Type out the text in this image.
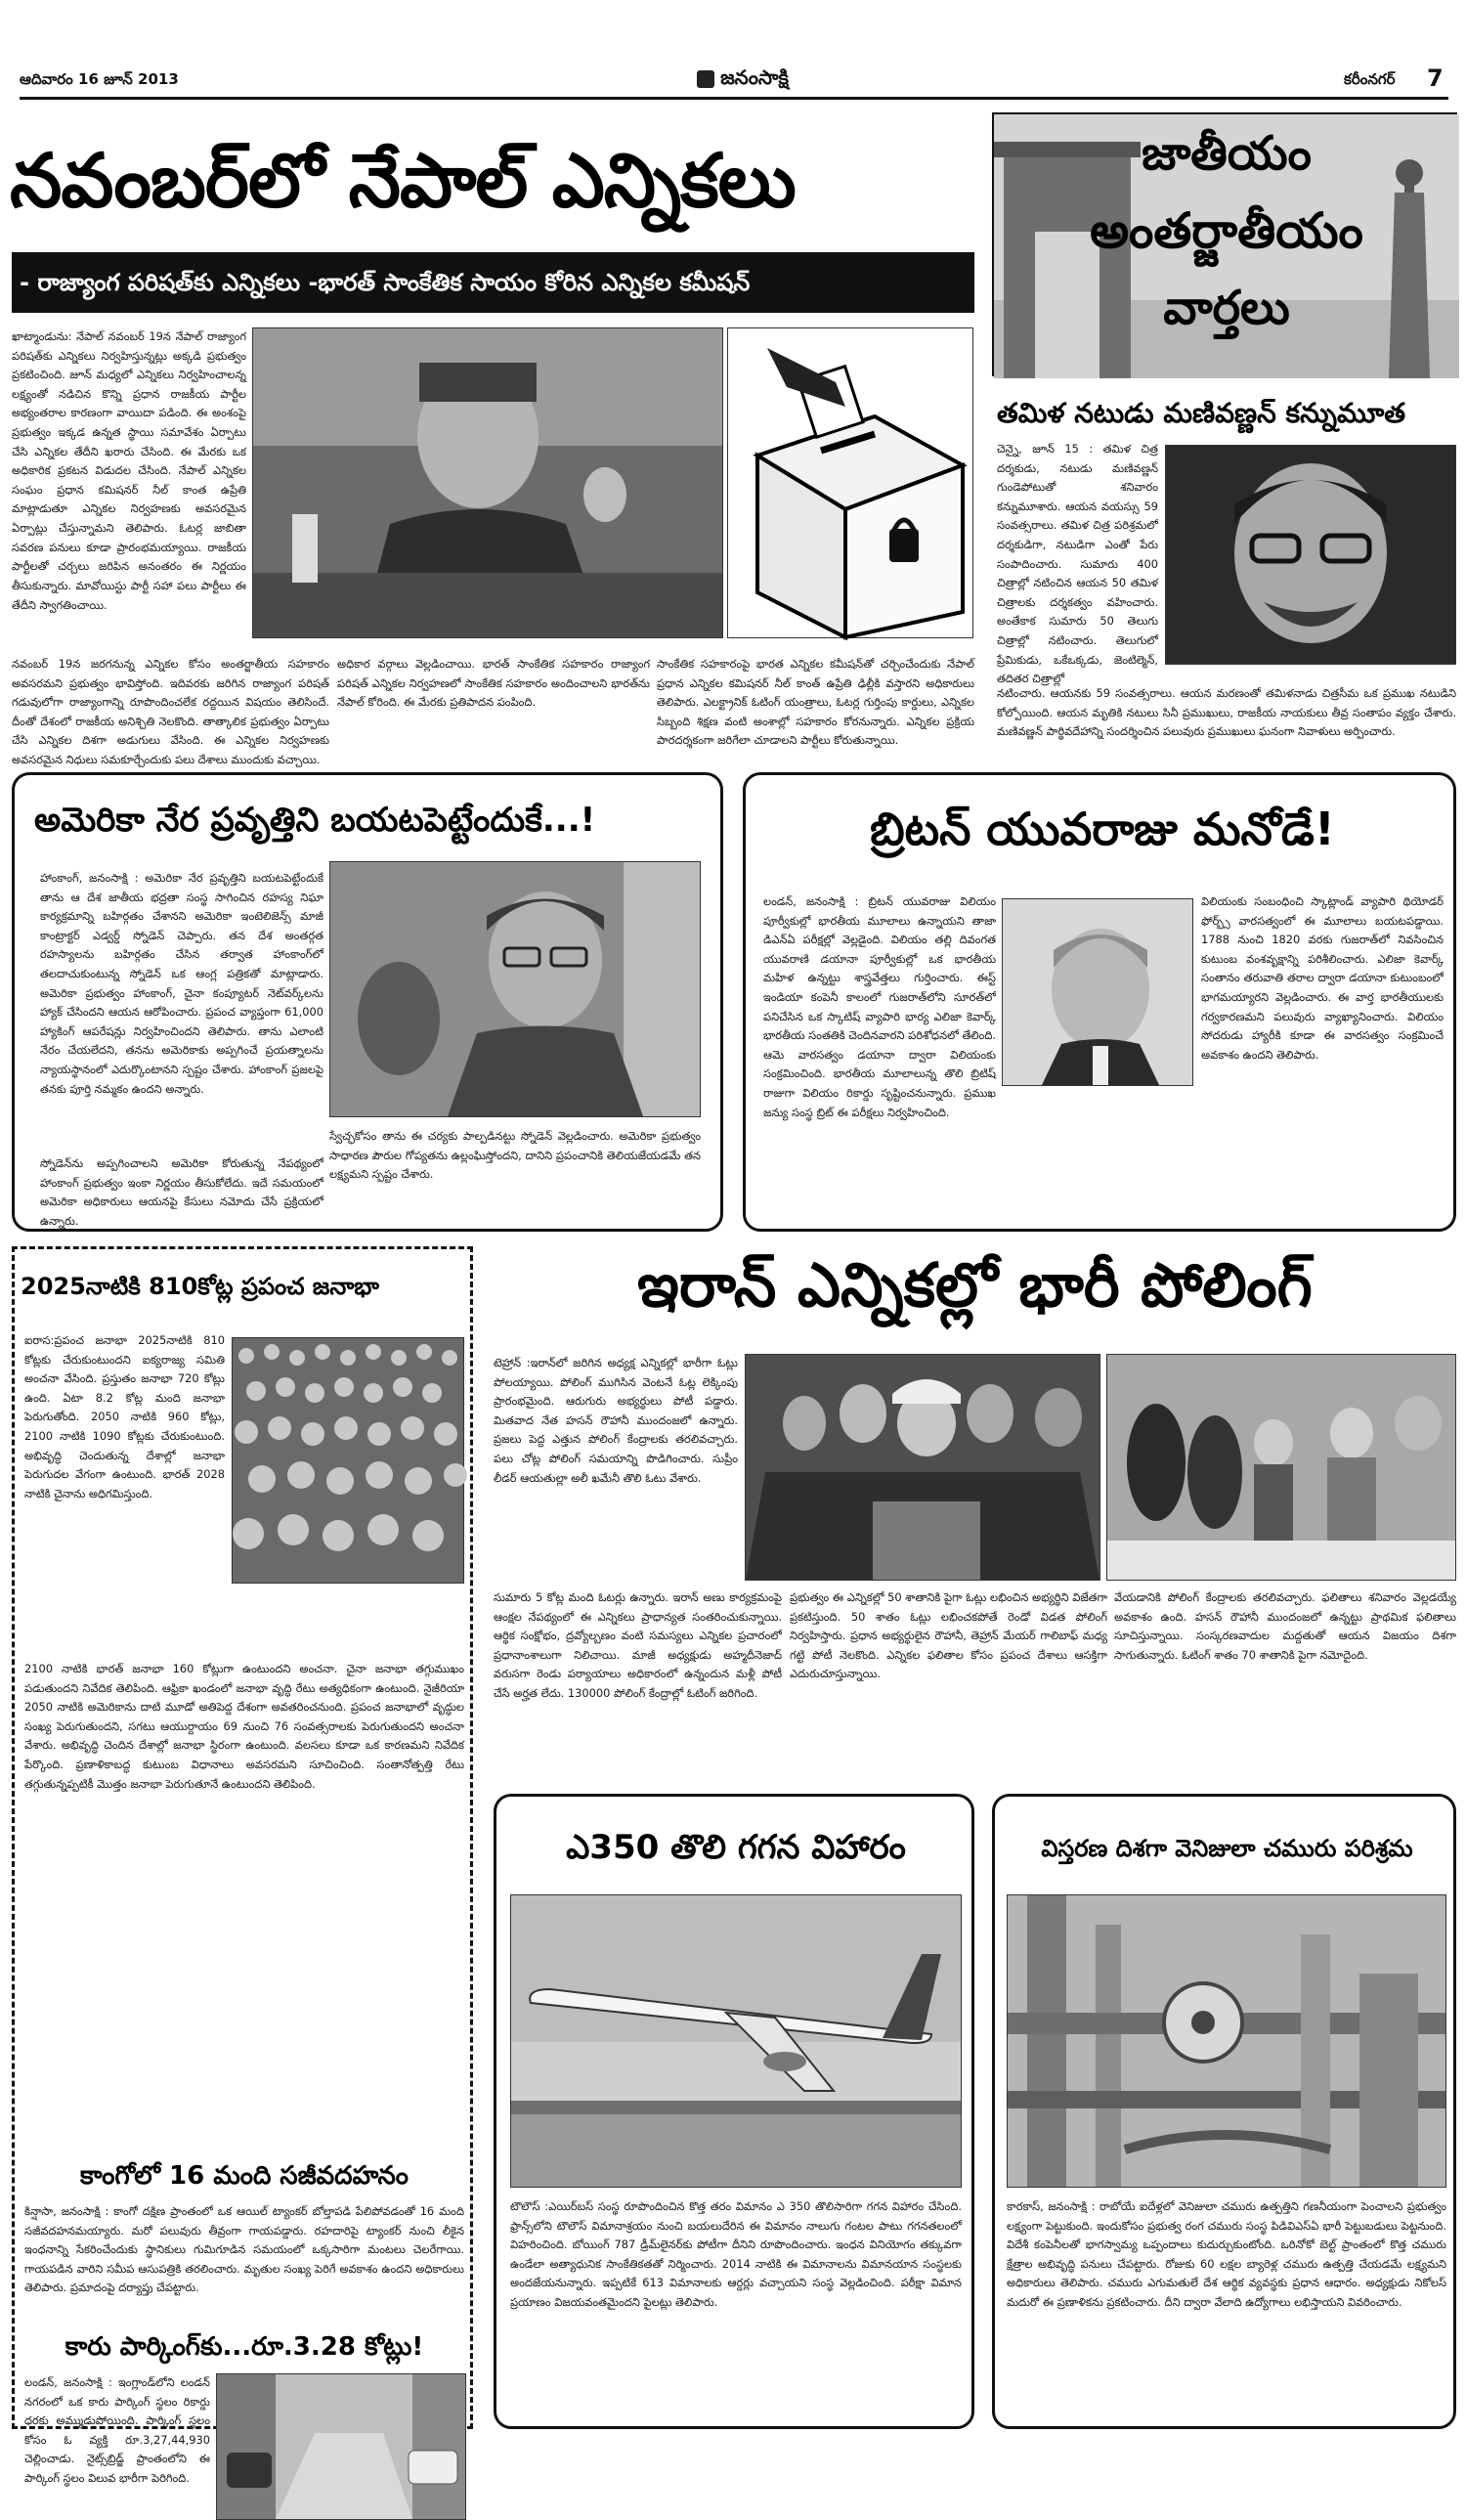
ఆదివారం 16 జూన్ 2013	జనంసాక్షి	కరీంనగర్ 7
నవంబర్‌లో నేపాల్ ఎన్నికలు
- రాజ్యాంగ పరిషత్‌కు ఎన్నికలు -భారత్ సాంకేతిక సాయం కోరిన ఎన్నికల కమీషన్
ఖాట్మాండు‌ను: నేపాల్ నవంబర్ 19న నేపాల్ రాజ్యాంగ పరిషత్‌కు ఎన్నికలు నిర్వహిస్తున్నట్లు అక్కడి ప్రభుత్వం ప్రకటించింది. జూన్ మధ్యలో ఎన్నికలు నిర్వహించాలన్న లక్ష్యంతో నడిచిన కొన్ని ప్రధాన రాజకీయ పార్టీల అభ్యంతరాల కారణంగా వాయిదా పడింది. ఈ అంశంపై ప్రభుత్వం ఇక్కడ ఉన్నత స్థాయి సమావేశం ఏర్పాటు చేసి ఎన్నికల తేదీని ఖరారు చేసింది. ఈ మేరకు ఒక అధికారిక ప్రకటన విడుదల చేసింది. నేపాల్ ఎన్నికల సంఘం ప్రధాన కమిషనర్ నీల్ కాంత ఉప్రేతి మాట్లాడుతూ ఎన్నికల నిర్వహణకు అవసరమైన ఏర్పాట్లు చేస్తున్నామని తెలిపారు. ఓటర్ల జాబితా సవరణ పనులు కూడా ప్రారంభమయ్యాయి. రాజకీయ పార్టీలతో చర్చలు జరిపిన అనంతరం ఈ నిర్ణయం తీసుకున్నారు. మావోయిస్టు పార్టీ సహా పలు పార్టీలు ఈ తేదీని స్వాగతించాయి.
నవంబర్ 19న జరగనున్న ఎన్నికల కోసం అంతర్జాతీయ సహకారం అవసరమని ప్రభుత్వం భావిస్తోంది. ఇదివరకు జరిగిన రాజ్యాంగ పరిషత్ గడువులోగా రాజ్యాంగాన్ని రూపొందించలేక రద్దయిన విషయం తెలిసిందే. దీంతో దేశంలో రాజకీయ అనిశ్చితి నెలకొంది. తాత్కాలిక ప్రభుత్వం ఏర్పాటు చేసి ఎన్నికల దిశగా అడుగులు వేసింది. ఈ ఎన్నికల నిర్వహణకు అవసరమైన నిధులు సమకూర్చేందుకు పలు దేశాలు ముందుకు వచ్చాయి.
అధికార వర్గాలు వెల్లడించాయి. భారత్ సాంకేతిక సహకారం రాజ్యాంగ పరిషత్ ఎన్నికల నిర్వహణలో సాంకేతిక సహకారం అందించాలని భారత్‌ను నేపాల్ కోరింది. ఈ మేరకు ప్రతిపాదన పంపింది.
సాంకేతిక సహకారంపై భారత ఎన్నికల కమీషన్‌తో చర్చించేందుకు నేపాల్ ప్రధాన ఎన్నికల కమిషనర్ నీల్ కాంత్ ఉప్రేతి ఢిల్లీకి వస్తారని అధికారులు తెలిపారు. ఎలక్ట్రానిక్ ఓటింగ్ యంత్రాలు, ఓటర్ల గుర్తింపు కార్డులు, ఎన్నికల సిబ్బంది శిక్షణ వంటి అంశాల్లో సహకారం కోరనున్నారు. ఎన్నికల ప్రక్రియ పారదర్శకంగా జరిగేలా చూడాలని పార్టీలు కోరుతున్నాయి.
జాతీయం
అంతర్జాతీయం
వార్తలు
తమిళ నటుడు మణివణ్ణన్ కన్నుమూత
చెన్నై, జూన్ 15 : తమిళ చిత్ర దర్శకుడు, నటుడు మణివణ్ణన్ గుండెపోటుతో శనివారం కన్నుమూశారు. ఆయన వయస్సు 59 సంవత్సరాలు. తమిళ చిత్ర పరిశ్రమలో దర్శకుడిగా, నటుడిగా ఎంతో పేరు సంపాదించారు. సుమారు 400 చిత్రాల్లో నటించిన ఆయన 50 తమిళ చిత్రాలకు దర్శకత్వం వహించారు. అంతేకాక సుమారు 50 తెలుగు చిత్రాల్లో నటించారు. తెలుగులో ప్రేమికుడు, ఒకేఒక్కడు, జెంటిల్మెన్, తదితర చిత్రాల్లో
నటించారు. ఆయనకు 59 సంవత్సరాలు. ఆయన మరణంతో తమిళనాడు చిత్రసీమ ఒక ప్రముఖ నటుడిని కోల్పోయింది. ఆయన మృతికి నటులు సినీ ప్రముఖులు, రాజకీయ నాయకులు తీవ్ర సంతాపం వ్యక్తం చేశారు. మణివణ్ణన్ పార్థివదేహాన్ని సందర్శించిన పలువురు ప్రముఖులు ఘనంగా నివాళులు అర్పించారు.
అమెరికా నేర ప్రవృత్తిని బయటపెట్టేందుకే...!
హాంకాంగ్, జనంసాక్షి : అమెరికా నేర ప్రవృత్తిని బయటపెట్టేందుకే తాను ఆ దేశ జాతీయ భద్రతా సంస్థ సాగించిన రహస్య నిఘా కార్యక్రమాన్ని బహిర్గతం చేశానని అమెరికా ఇంటెలిజెన్స్ మాజీ కాంట్రాక్టర్ ఎడ్వర్డ్ స్నోడెన్ చెప్పారు. తన దేశ అంతర్గత రహస్యాలను బహిర్గతం చేసిన తర్వాత హాంకాంగ్‌లో తలదాచుకుంటున్న స్నోడెన్ ఒక ఆంగ్ల పత్రికతో మాట్లాడారు. అమెరికా ప్రభుత్వం హాంకాంగ్, చైనా కంప్యూటర్ నెట్‌వర్క్‌లను హ్యాక్ చేసిందని ఆయన ఆరోపించారు. ప్రపంచ వ్యాప్తంగా 61,000 హ్యాకింగ్ ఆపరేషన్లు నిర్వహించిందని తెలిపారు. తాను ఎలాంటి నేరం చేయలేదని, తనను అమెరికాకు అప్పగించే ప్రయత్నాలను న్యాయస్థానంలో ఎదుర్కొంటానని స్పష్టం చేశారు. హాంకాంగ్ ప్రజలపై తనకు పూర్తి నమ్మకం ఉందని అన్నారు.
స్నోడెన్‌ను అప్పగించాలని అమెరికా కోరుతున్న నేపథ్యంలో హాంకాంగ్ ప్రభుత్వం ఇంకా నిర్ణయం తీసుకోలేదు. ఇదే సమయంలో అమెరికా అధికారులు ఆయనపై కేసులు నమోదు చేసే ప్రక్రియలో ఉన్నారు.
స్వేచ్ఛకోసం తాను ఈ చర్యకు పాల్పడినట్టు స్నోడెన్ వెల్లడించారు. అమెరికా ప్రభుత్వం సాధారణ పౌరుల గోప్యతను ఉల్లంఘిస్తోందని, దానిని ప్రపంచానికి తెలియజేయడమే తన లక్ష్యమని స్పష్టం చేశారు.
బ్రిటన్ యువరాజు మనోడే!
లండన్, జనంసాక్షి : బ్రిటన్ యువరాజు విలియం పూర్వీకుల్లో భారతీయ మూలాలు ఉన్నాయని తాజా డిఎన్‌ఏ పరీక్షల్లో వెల్లడైంది. విలియం తల్లి దివంగత యువరాణి డయానా పూర్వీకుల్లో ఒక భారతీయ మహిళ ఉన్నట్టు శాస్త్రవేత్తలు గుర్తించారు. ఈస్ట్ ఇండియా కంపెనీ కాలంలో గుజరాత్‌లోని సూరత్‌లో పనిచేసిన ఒక స్కాటిష్ వ్యాపారి భార్య ఎలిజా కెవార్క్ భారతీయ సంతతికి చెందినవారని పరిశోధనలో తేలింది. ఆమె వారసత్వం డయానా ద్వారా విలియంకు సంక్రమించింది. భారతీయ మూలాలున్న తొలి బ్రిటిష్ రాజుగా విలియం రికార్డు సృష్టించనున్నారు. ప్రముఖ జన్యు సంస్థ బ్రిట్ ఈ పరీక్షలు నిర్వహించింది.
విలియంకు సంబంధించి స్కాట్లాండ్ వ్యాపారి థియోడర్ ఫోర్బ్స్ వారసత్వంలో ఈ మూలాలు బయటపడ్డాయి. 1788 నుంచి 1820 వరకు గుజరాత్‌లో నివసించిన కుటుంబ వంశవృక్షాన్ని పరిశీలించారు. ఎలిజా కెవార్క్ సంతానం తరువాతి తరాల ద్వారా డయానా కుటుంబంలో భాగమయ్యారని వెల్లడించారు. ఈ వార్త భారతీయులకు గర్వకారణమని పలువురు వ్యాఖ్యానించారు. విలియం సోదరుడు హ్యారీకి కూడా ఈ వారసత్వం సంక్రమించే అవకాశం ఉందని తెలిపారు.
2025నాటికి 810కోట్ల ప్రపంచ జనాభా
ఐరాస:ప్రపంచ జనాభా 2025నాటికి 810 కోట్లకు చేరుకుంటుందని ఐక్యరాజ్య సమితి అంచనా వేసింది. ప్రస్తుతం జనాభా 720 కోట్లు ఉంది. ఏటా 8.2 కోట్ల మంది జనాభా పెరుగుతోంది. 2050 నాటికి 960 కోట్లు, 2100 నాటికి 1090 కోట్లకు చేరుకుంటుంది. అభివృద్ధి చెందుతున్న దేశాల్లో జనాభా పెరుగుదల వేగంగా ఉంటుంది. భారత్ 2028 నాటికి చైనాను అధిగమిస్తుంది.
2100 నాటికి భారత్ జనాభా 160 కోట్లుగా ఉంటుందని అంచనా. చైనా జనాభా తగ్గుముఖం పడుతుందని నివేదిక తెలిపింది. ఆఫ్రికా ఖండంలో జనాభా వృద్ధి రేటు అత్యధికంగా ఉంటుంది. నైజీరియా 2050 నాటికి అమెరికాను దాటి మూడో అతిపెద్ద దేశంగా అవతరించనుంది. ప్రపంచ జనాభాలో వృద్ధుల సంఖ్య పెరుగుతుందని, సగటు ఆయుర్దాయం 69 నుంచి 76 సంవత్సరాలకు పెరుగుతుందని అంచనా వేశారు. అభివృద్ధి చెందిన దేశాల్లో జనాభా స్థిరంగా ఉంటుంది. వలసలు కూడా ఒక కారణమని నివేదిక పేర్కొంది. ప్రణాళికాబద్ధ కుటుంబ విధానాలు అవసరమని సూచించింది. సంతానోత్పత్తి రేటు తగ్గుతున్నప్పటికీ మొత్తం జనాభా పెరుగుతూనే ఉంటుందని తెలిపింది.
కాంగోలో 16 మంది సజీవదహనం
కిన్షాసా, జనంసాక్షి : కాంగో దక్షిణ ప్రాంతంలో ఒక ఆయిల్ ట్యాంకర్ బోల్తాపడి పేలిపోవడంతో 16 మంది సజీవదహనమయ్యారు. మరో పలువురు తీవ్రంగా గాయపడ్డారు. రహదారిపై ట్యాంకర్ నుంచి లీకైన ఇంధనాన్ని సేకరించేందుకు స్థానికులు గుమిగూడిన సమయంలో ఒక్కసారిగా మంటలు చెలరేగాయి. గాయపడిన వారిని సమీప ఆసుపత్రికి తరలించారు. మృతుల సంఖ్య పెరిగే అవకాశం ఉందని అధికారులు తెలిపారు. ప్రమాదంపై దర్యాప్తు చేపట్టారు.
కారు పార్కింగ్‌కు...రూ.3.28 కోట్లు!
లండన్, జనంసాక్షి : ఇంగ్లాండ్‌లోని లండన్ నగరంలో ఒక కారు పార్కింగ్ స్థలం రికార్డు ధరకు అమ్ముడుపోయింది. పార్కింగ్ స్థలం కోసం ఓ వ్యక్తి రూ.3,27,44,930 చెల్లించాడు. నైట్స్‌బ్రిడ్జ్ ప్రాంతంలోని ఈ పార్కింగ్ స్థలం విలువ భారీగా పెరిగింది.
ఇరాన్ ఎన్నికల్లో భారీ పోలింగ్
టెహ్రాన్ :ఇరాన్‌లో జరిగిన అధ్యక్ష ఎన్నికల్లో భారీగా ఓట్లు పోలయ్యాయి. పోలింగ్ ముగిసిన వెంటనే ఓట్ల లెక్కింపు ప్రారంభమైంది. ఆరుగురు అభ్యర్థులు పోటీ పడ్డారు. మితవాద నేత హసన్ రౌహానీ ముందంజలో ఉన్నారు. ప్రజలు పెద్ద ఎత్తున పోలింగ్ కేంద్రాలకు తరలివచ్చారు. పలు చోట్ల పోలింగ్ సమయాన్ని పొడిగించారు. సుప్రీం లీడర్ ఆయతుల్లా అలీ ఖమేనీ తొలి ఓటు వేశారు.
సుమారు 5 కోట్ల మంది ఓటర్లు ఉన్నారు. ఇరాన్ అణు కార్యక్రమంపై ఆంక్షల నేపథ్యంలో ఈ ఎన్నికలు ప్రాధాన్యత సంతరించుకున్నాయి. ఆర్థిక సంక్షోభం, ద్రవ్యోల్బణం వంటి సమస్యలు ఎన్నికల ప్రచారంలో ప్రధానాంశాలుగా నిలిచాయి. మాజీ అధ్యక్షుడు అహ్మదీనెజాద్ వరుసగా రెండు పర్యాయాలు అధికారంలో ఉన్నందున మళ్లీ పోటీ చేసే అర్హత లేదు. 130000 పోలింగ్ కేంద్రాల్లో ఓటింగ్ జరిగింది.
ప్రభుత్వం ఈ ఎన్నికల్లో 50 శాతానికి పైగా ఓట్లు లభించిన అభ్యర్థిని విజేతగా ప్రకటిస్తుంది. 50 శాతం ఓట్లు లభించకపోతే రెండో విడత పోలింగ్ నిర్వహిస్తారు. ప్రధాన అభ్యర్థులైన రౌహానీ, తెహ్రాన్ మేయర్ గాలిబాఫ్ మధ్య గట్టి పోటీ నెలకొంది. ఎన్నికల ఫలితాల కోసం ప్రపంచ దేశాలు ఆసక్తిగా ఎదురుచూస్తున్నాయి.
వేయడానికి పోలింగ్ కేంద్రాలకు తరలివచ్చారు. ఫలితాలు శనివారం వెల్లడయ్యే అవకాశం ఉంది. హసన్ రౌహానీ ముందంజలో ఉన్నట్టు ప్రాథమిక ఫలితాలు సూచిస్తున్నాయి. సంస్కరణవాదుల మద్దతుతో ఆయన విజయం దిశగా సాగుతున్నారు. ఓటింగ్ శాతం 70 శాతానికి పైగా నమోదైంది.
ఎ350 తొలి గగన విహారం
టౌలౌస్ :ఎయిర్‌బస్ సంస్థ రూపొందించిన కొత్త తరం విమానం ఎ 350 తొలిసారిగా గగన విహారం చేసింది. ఫ్రాన్స్‌లోని టౌలౌస్ విమానాశ్రయం నుంచి బయలుదేరిన ఈ విమానం నాలుగు గంటల పాటు గగనతలంలో విహరించింది. బోయింగ్ 787 డ్రీమ్‌లైనర్‌కు పోటీగా దీనిని రూపొందించారు. ఇంధన వినియోగం తక్కువగా ఉండేలా అత్యాధునిక సాంకేతికతతో నిర్మించారు. 2014 నాటికి ఈ విమానాలను విమానయాన సంస్థలకు అందజేయనున్నారు. ఇప్పటికే 613 విమానాలకు ఆర్డర్లు వచ్చాయని సంస్థ వెల్లడించింది. పరీక్షా విమాన ప్రయాణం విజయవంతమైందని పైలట్లు తెలిపారు.
విస్తరణ దిశగా వెనిజులా చమురు పరిశ్రమ
కారకాస్, జనంసాక్షి : రాబోయే ఐదేళ్లలో వెనిజులా చమురు ఉత్పత్తిని గణనీయంగా పెంచాలని ప్రభుత్వం లక్ష్యంగా పెట్టుకుంది. ఇందుకోసం ప్రభుత్వ రంగ చమురు సంస్థ పిడివిఎస్‌ఏ భారీ పెట్టుబడులు పెట్టనుంది. విదేశీ కంపెనీలతో భాగస్వామ్య ఒప్పందాలు కుదుర్చుకుంటోంది. ఒరినోకో బెల్ట్ ప్రాంతంలో కొత్త చమురు క్షేత్రాల అభివృద్ధి పనులు చేపట్టారు. రోజుకు 60 లక్షల బ్యారెళ్ల చమురు ఉత్పత్తి చేయడమే లక్ష్యమని అధికారులు తెలిపారు. చమురు ఎగుమతులే దేశ ఆర్థిక వ్యవస్థకు ప్రధాన ఆధారం. అధ్యక్షుడు నికోలస్ మదురో ఈ ప్రణాళికను ప్రకటించారు. దీని ద్వారా వేలాది ఉద్యోగాలు లభిస్తాయని వివరించారు.
